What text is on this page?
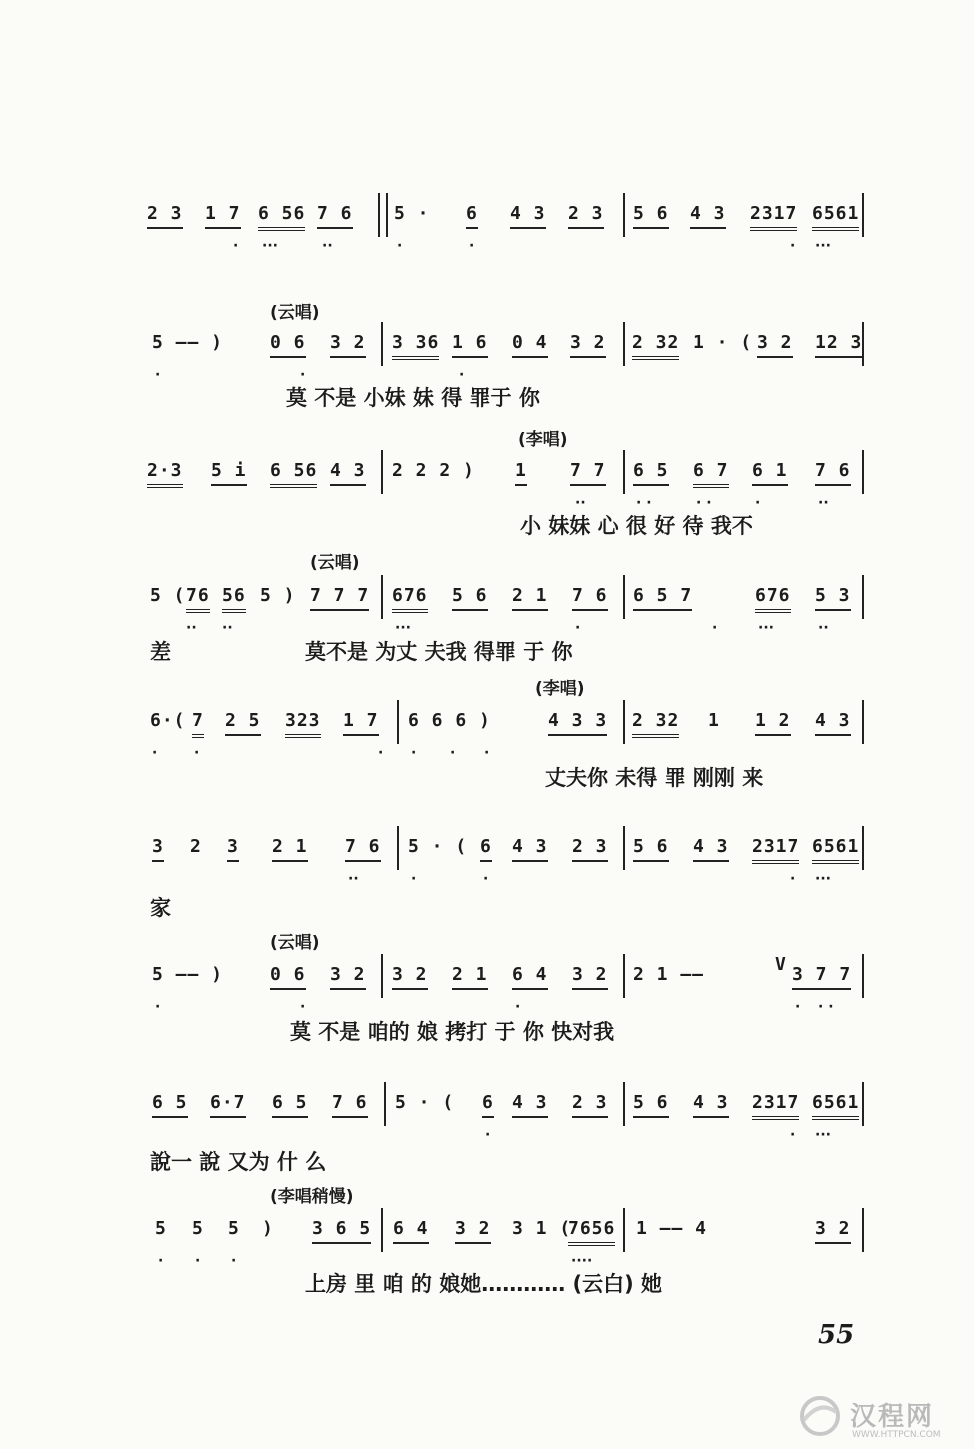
2 3 1 7 6 56 7 6 5 · 6 4 3 2 3 5 6 4 3 2317 6561
· ···	··	·	·	· ···
(云唱)
5 —— )	0 6 3 2 3 36 1 6 0 4 3 2 2 32 1 · ( 3 2 12 3
·	·	·
莫 不是 小妹 妹 得 罪于 你
(李唱)
2·3 5 i 6 56 4 3 2 2 2 ) 1 7 7 6 5 6 7 6 1 7 6
··	· ·	· ·	·	··
小 妹妹 心 很 好 待 我不
(云唱)
5 ( 76 56 5 ) 7 7 7 676 5 6 2 1 7 6 6 5 7	676 5 3
·· ··	···	·	·	···	··
差	莫不是 为丈 夫我 得罪 于 你
(李唱)
6·( 7 2 5 323 1 7 6 6 6 )	4 3 3 2 32 1 1 2 4 3
·	·	· · · ·
丈夫你 未得 罪 刚刚 来
3 2 3 2 1 7 6 5 · ( 6 4 3 2 3 5 6 4 3 2317 6561
··	·	·	· ···
家
(云唱)
5 —— )	0 6 3 2 3 2 2 1 6 4 3 2 2 1 ——	V 3 7 7
·	·	·	· · ·
莫 不是 咱的 娘 拷打 于 你 快对我
6 5 6·7 6 5 7 6 5 · ( 6 4 3 2 3 5 6 4 3 2317 6561
·	· ···
說一 說 又为 什 么
(李唱稍慢)
5 5 5 ) 3 6 5 6 4 3 2 3 1 (
7656 1 —— 4	3 2
· · ·	····
上房 里 咱 的 娘她………… (云白) 她
55
汉程网
WWW.HTTPCN.COM
